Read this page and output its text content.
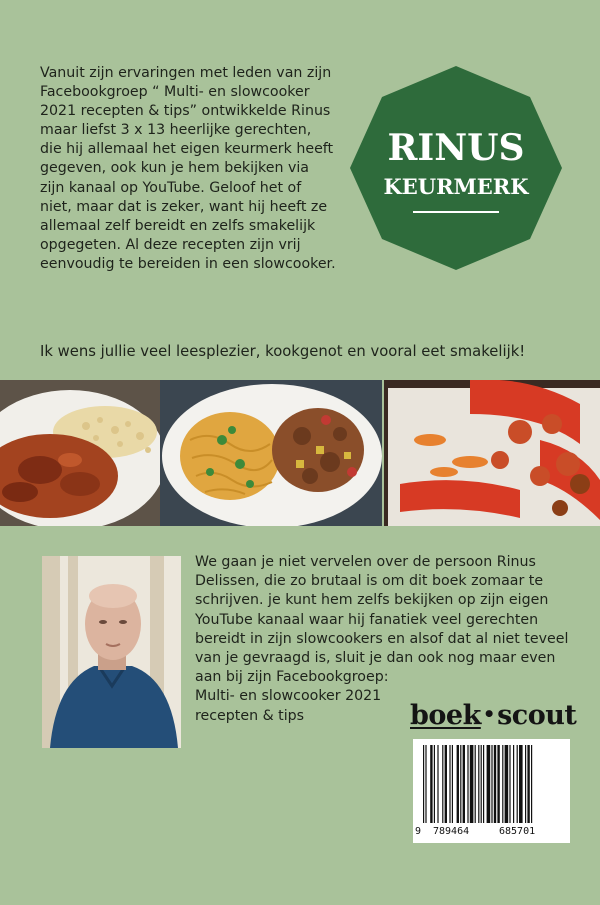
Vanuit zijn ervaringen met leden van zijn
Facebookgroep “ Multi- en slowcooker
2021 recepten & tips” ontwikkelde Rinus
maar liefst 3 x 13 heerlijke gerechten,
die hij allemaal het eigen keurmerk heeft
gegeven, ook kun je hem bekijken via
zijn kanaal op YouTube. Geloof het of
niet, maar dat is zeker, want hij heeft ze
allemaal zelf bereidt en zelfs smakelijk
opgegeten. Al deze recepten zijn vrij
eenvoudig te bereiden in een slowcooker.

RINUS
KEURMERK

Ik wens jullie veel leesplezier, kookgenot en vooral eet smakelijk!

We gaan je niet vervelen over de persoon Rinus
Delissen, die zo brutaal is om dit boek zomaar te
schrijven. je kunt hem zelfs bekijken op zijn eigen
YouTube kanaal waar hij fanatiek veel gerechten
bereidt in zijn slowcookers en alsof dat al niet teveel
van je gevraagd is, sluit je dan ook nog maar even
aan bij zijn Facebookgroep:
Multi- en slowcooker 2021
recepten & tips	boek •scout
9 789464	685701
